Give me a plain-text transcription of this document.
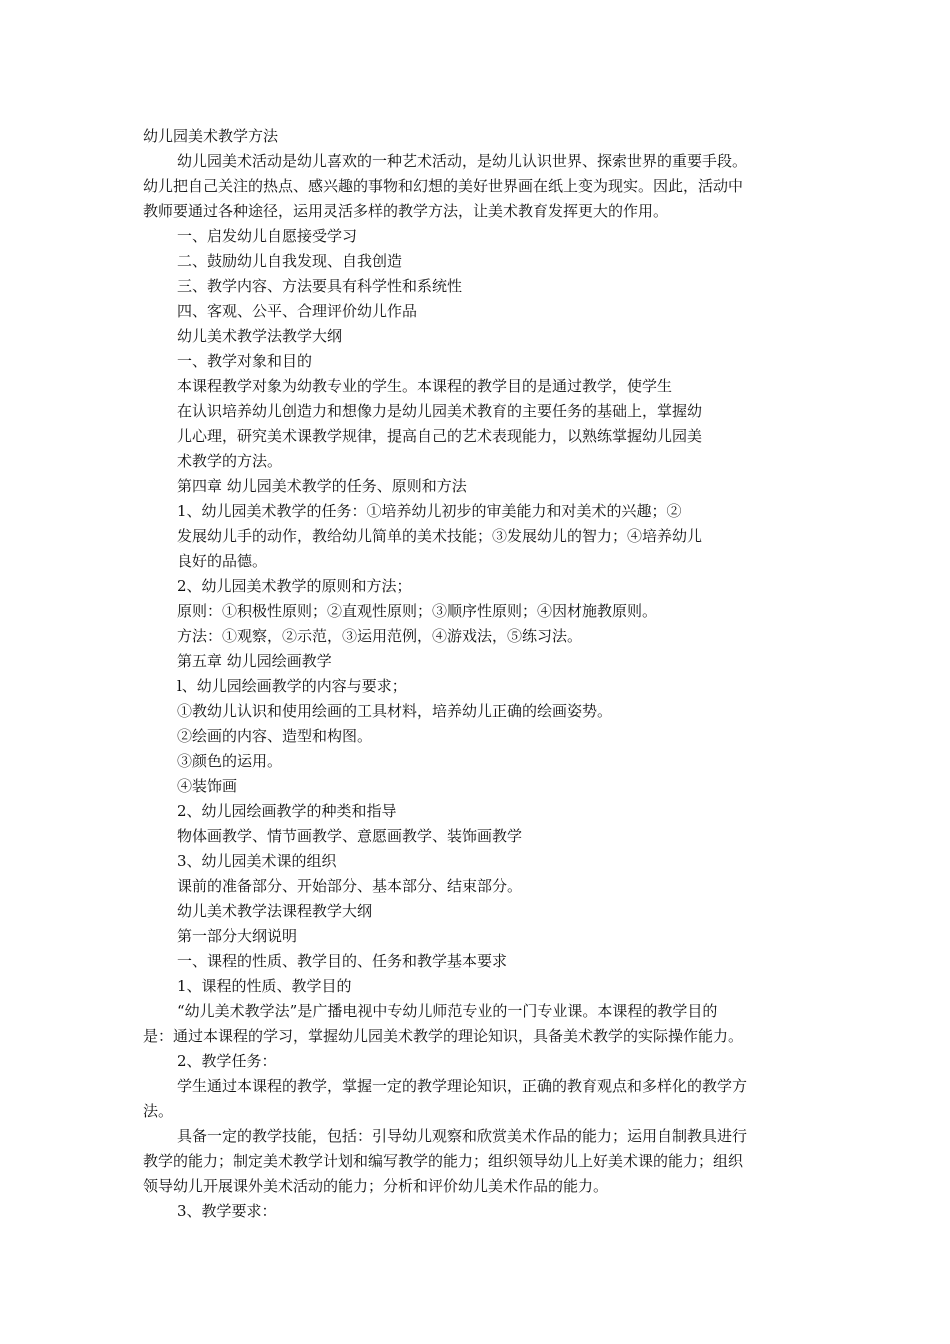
幼儿园美术教学方法
幼儿园美术活动是幼儿喜欢的一种艺术活动，是幼儿认识世界、探索世界的重要手段。
幼儿把自己关注的热点、感兴趣的事物和幻想的美好世界画在纸上变为现实。因此，活动中
教师要通过各种途径，运用灵活多样的教学方法，让美术教育发挥更大的作用。
一、启发幼儿自愿接受学习
二、鼓励幼儿自我发现、自我创造
三、教学内容、方法要具有科学性和系统性
四、客观、公平、合理评价幼儿作品
幼儿美术教学法教学大纲
一、教学对象和目的
本课程教学对象为幼教专业的学生。本课程的教学目的是通过教学，使学生
在认识培养幼儿创造力和想像力是幼儿园美术教育的主要任务的基础上，掌握幼
儿心理，研究美术课教学规律，提高自己的艺术表现能力，以熟练掌握幼儿园美
术教学的方法。
第四章 幼儿园美术教学的任务、原则和方法
1、幼儿园美术教学的任务：①培养幼儿初步的审美能力和对美术的兴趣；②
发展幼儿手的动作，教给幼儿简单的美术技能；③发展幼儿的智力；④培养幼儿
良好的品德。
2、幼儿园美术教学的原则和方法；
原则：①积极性原则；②直观性原则；③顺序性原则；④因材施教原则。
方法：①观察，②示范，③运用范例，④游戏法，⑤练习法。
第五章 幼儿园绘画教学
l、幼儿园绘画教学的内容与要求；
①教幼儿认识和使用绘画的工具材料，培养幼儿正确的绘画姿势。
②绘画的内容、造型和构图。
③颜色的运用。
④装饰画
2、幼儿园绘画教学的种类和指导
物体画教学、情节画教学、意愿画教学、装饰画教学
3、幼儿园美术课的组织
课前的准备部分、开始部分、基本部分、结束部分。
幼儿美术教学法课程教学大纲
第一部分大纲说明
一、课程的性质、教学目的、任务和教学基本要求
1、课程的性质、教学目的
“幼儿美术教学法”是广播电视中专幼儿师范专业的一门专业课。本课程的教学目的
是：通过本课程的学习，掌握幼儿园美术教学的理论知识，具备美术教学的实际操作能力。
2、教学任务：
学生通过本课程的教学，掌握一定的教学理论知识，正确的教育观点和多样化的教学方
法。
具备一定的教学技能，包括：引导幼儿观察和欣赏美术作品的能力；运用自制教具进行
教学的能力；制定美术教学计划和编写教学的能力；组织领导幼儿上好美术课的能力；组织
领导幼儿开展课外美术活动的能力；分析和评价幼儿美术作品的能力。
3、教学要求：
